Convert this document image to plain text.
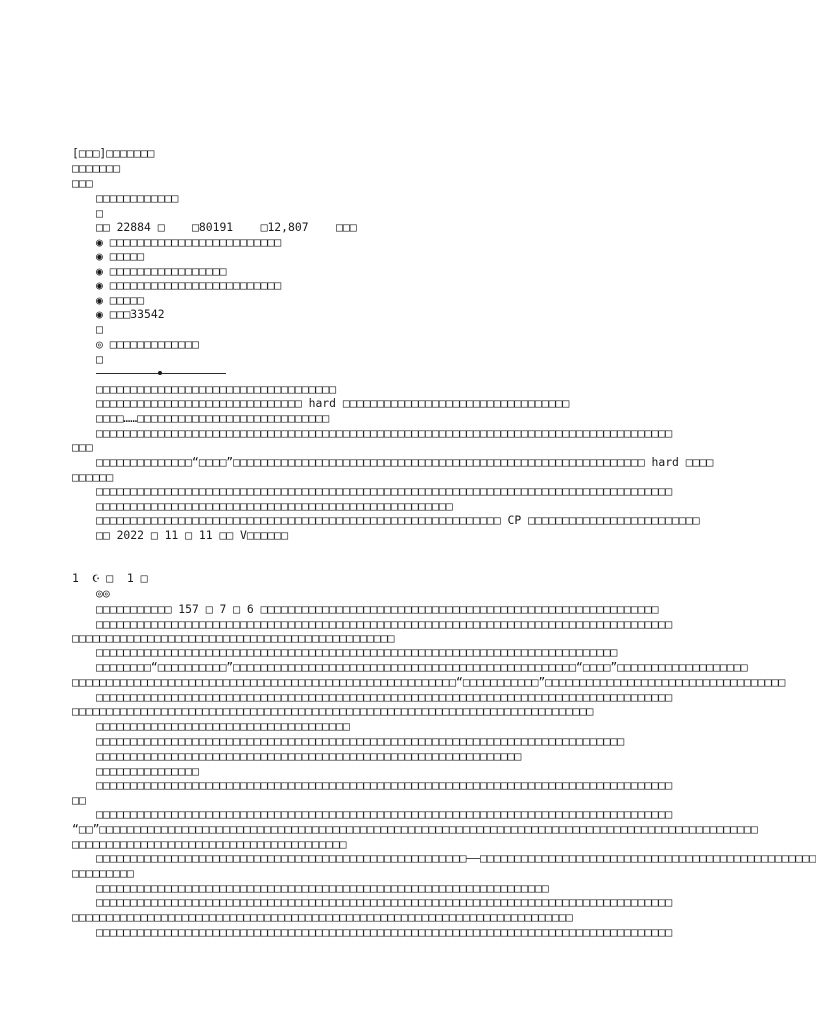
[□□□]□□□□□□□
□□□□□□□
□□□
□□□□□□□□□□□□
□
□□ 22884 □    □80191    □12,807    □□□
◉ □□□□□□□□□□□□□□□□□□□□□□□□□
◉ □□□□□
◉ □□□□□□□□□□□□□□□□□
◉ □□□□□□□□□□□□□□□□□□□□□□□□□
◉ □□□□□
◉ □□□33542
□
◎ □□□□□□□□□□□□□
□
□□□□□□□□□□□□□□□□□□□□□□□□□□□□□□□□□□□
□□□□□□□□□□□□□□□□□□□□□□□□□□□□□□ hard □□□□□□□□□□□□□□□□□□□□□□□□□□□□□□□□□
□□□□……□□□□□□□□□□□□□□□□□□□□□□□□□□□□
□□□□□□□□□□□□□□□□□□□□□□□□□□□□□□□□□□□□□□□□□□□□□□□□□□□□□□□□□□□□□□□□□□□□□□□□□□□□□□□□□□□□
□□□
□□□□□□□□□□□□□□“□□□□”□□□□□□□□□□□□□□□□□□□□□□□□□□□□□□□□□□□□□□□□□□□□□□□□□□□□□□□□□□□□ hard □□□□
□□□□□□
□□□□□□□□□□□□□□□□□□□□□□□□□□□□□□□□□□□□□□□□□□□□□□□□□□□□□□□□□□□□□□□□□□□□□□□□□□□□□□□□□□□□
□□□□□□□□□□□□□□□□□□□□□□□□□□□□□□□□□□□□□□□□□□□□□□□□□□□□
□□□□□□□□□□□□□□□□□□□□□□□□□□□□□□□□□□□□□□□□□□□□□□□□□□□□□□□□□□□ CP □□□□□□□□□□□□□□□□□□□□□□□□□
□□ 2022 □ 11 □ 11 □□ V□□□□□□
1  ☪ □  1 □
◎◎
□□□□□□□□□□□ 157 □ 7 □ 6 □□□□□□□□□□□□□□□□□□□□□□□□□□□□□□□□□□□□□□□□□□□□□□□□□□□□□□□□□□
□□□□□□□□□□□□□□□□□□□□□□□□□□□□□□□□□□□□□□□□□□□□□□□□□□□□□□□□□□□□□□□□□□□□□□□□□□□□□□□□□□□□
□□□□□□□□□□□□□□□□□□□□□□□□□□□□□□□□□□□□□□□□□□□□□□□
□□□□□□□□□□□□□□□□□□□□□□□□□□□□□□□□□□□□□□□□□□□□□□□□□□□□□□□□□□□□□□□□□□□□□□□□□□□□
□□□□□□□□“□□□□□□□□□□”□□□□□□□□□□□□□□□□□□□□□□□□□□□□□□□□□□□□□□□□□□□□□□□□□□“□□□□”□□□□□□□□□□□□□□□□□□□
□□□□□□□□□□□□□□□□□□□□□□□□□□□□□□□□□□□□□□□□□□□□□□□□□□□□□□□□“□□□□□□□□□□□”□□□□□□□□□□□□□□□□□□□□□□□□□□□□□□□□□□□
□□□□□□□□□□□□□□□□□□□□□□□□□□□□□□□□□□□□□□□□□□□□□□□□□□□□□□□□□□□□□□□□□□□□□□□□□□□□□□□□□□□□
□□□□□□□□□□□□□□□□□□□□□□□□□□□□□□□□□□□□□□□□□□□□□□□□□□□□□□□□□□□□□□□□□□□□□□□□□□□□
□□□□□□□□□□□□□□□□□□□□□□□□□□□□□□□□□□□□□
□□□□□□□□□□□□□□□□□□□□□□□□□□□□□□□□□□□□□□□□□□□□□□□□□□□□□□□□□□□□□□□□□□□□□□□□□□□□□
□□□□□□□□□□□□□□□□□□□□□□□□□□□□□□□□□□□□□□□□□□□□□□□□□□□□□□□□□□□□□□
□□□□□□□□□□□□□□□
□□□□□□□□□□□□□□□□□□□□□□□□□□□□□□□□□□□□□□□□□□□□□□□□□□□□□□□□□□□□□□□□□□□□□□□□□□□□□□□□□□□□
□□
□□□□□□□□□□□□□□□□□□□□□□□□□□□□□□□□□□□□□□□□□□□□□□□□□□□□□□□□□□□□□□□□□□□□□□□□□□□□□□□□□□□□
“□□”□□□□□□□□□□□□□□□□□□□□□□□□□□□□□□□□□□□□□□□□□□□□□□□□□□□□□□□□□□□□□□□□□□□□□□□□□□□□□□□□□□□□□□□□□□□□□□□□
□□□□□□□□□□□□□□□□□□□□□□□□□□□□□□□□□□□□□□□□
□□□□□□□□□□□□□□□□□□□□□□□□□□□□□□□□□□□□□□□□□□□□□□□□□□□□□□——□□□□□□□□□□□□□□□□□□□□□□□□□□□□□□□□□□□□□□□□□□□□□□□□□
□□□□□□□□□
□□□□□□□□□□□□□□□□□□□□□□□□□□□□□□□□□□□□□□□□□□□□□□□□□□□□□□□□□□□□□□□□□□
□□□□□□□□□□□□□□□□□□□□□□□□□□□□□□□□□□□□□□□□□□□□□□□□□□□□□□□□□□□□□□□□□□□□□□□□□□□□□□□□□□□□
□□□□□□□□□□□□□□□□□□□□□□□□□□□□□□□□□□□□□□□□□□□□□□□□□□□□□□□□□□□□□□□□□□□□□□□□□
□□□□□□□□□□□□□□□□□□□□□□□□□□□□□□□□□□□□□□□□□□□□□□□□□□□□□□□□□□□□□□□□□□□□□□□□□□□□□□□□□□□□
